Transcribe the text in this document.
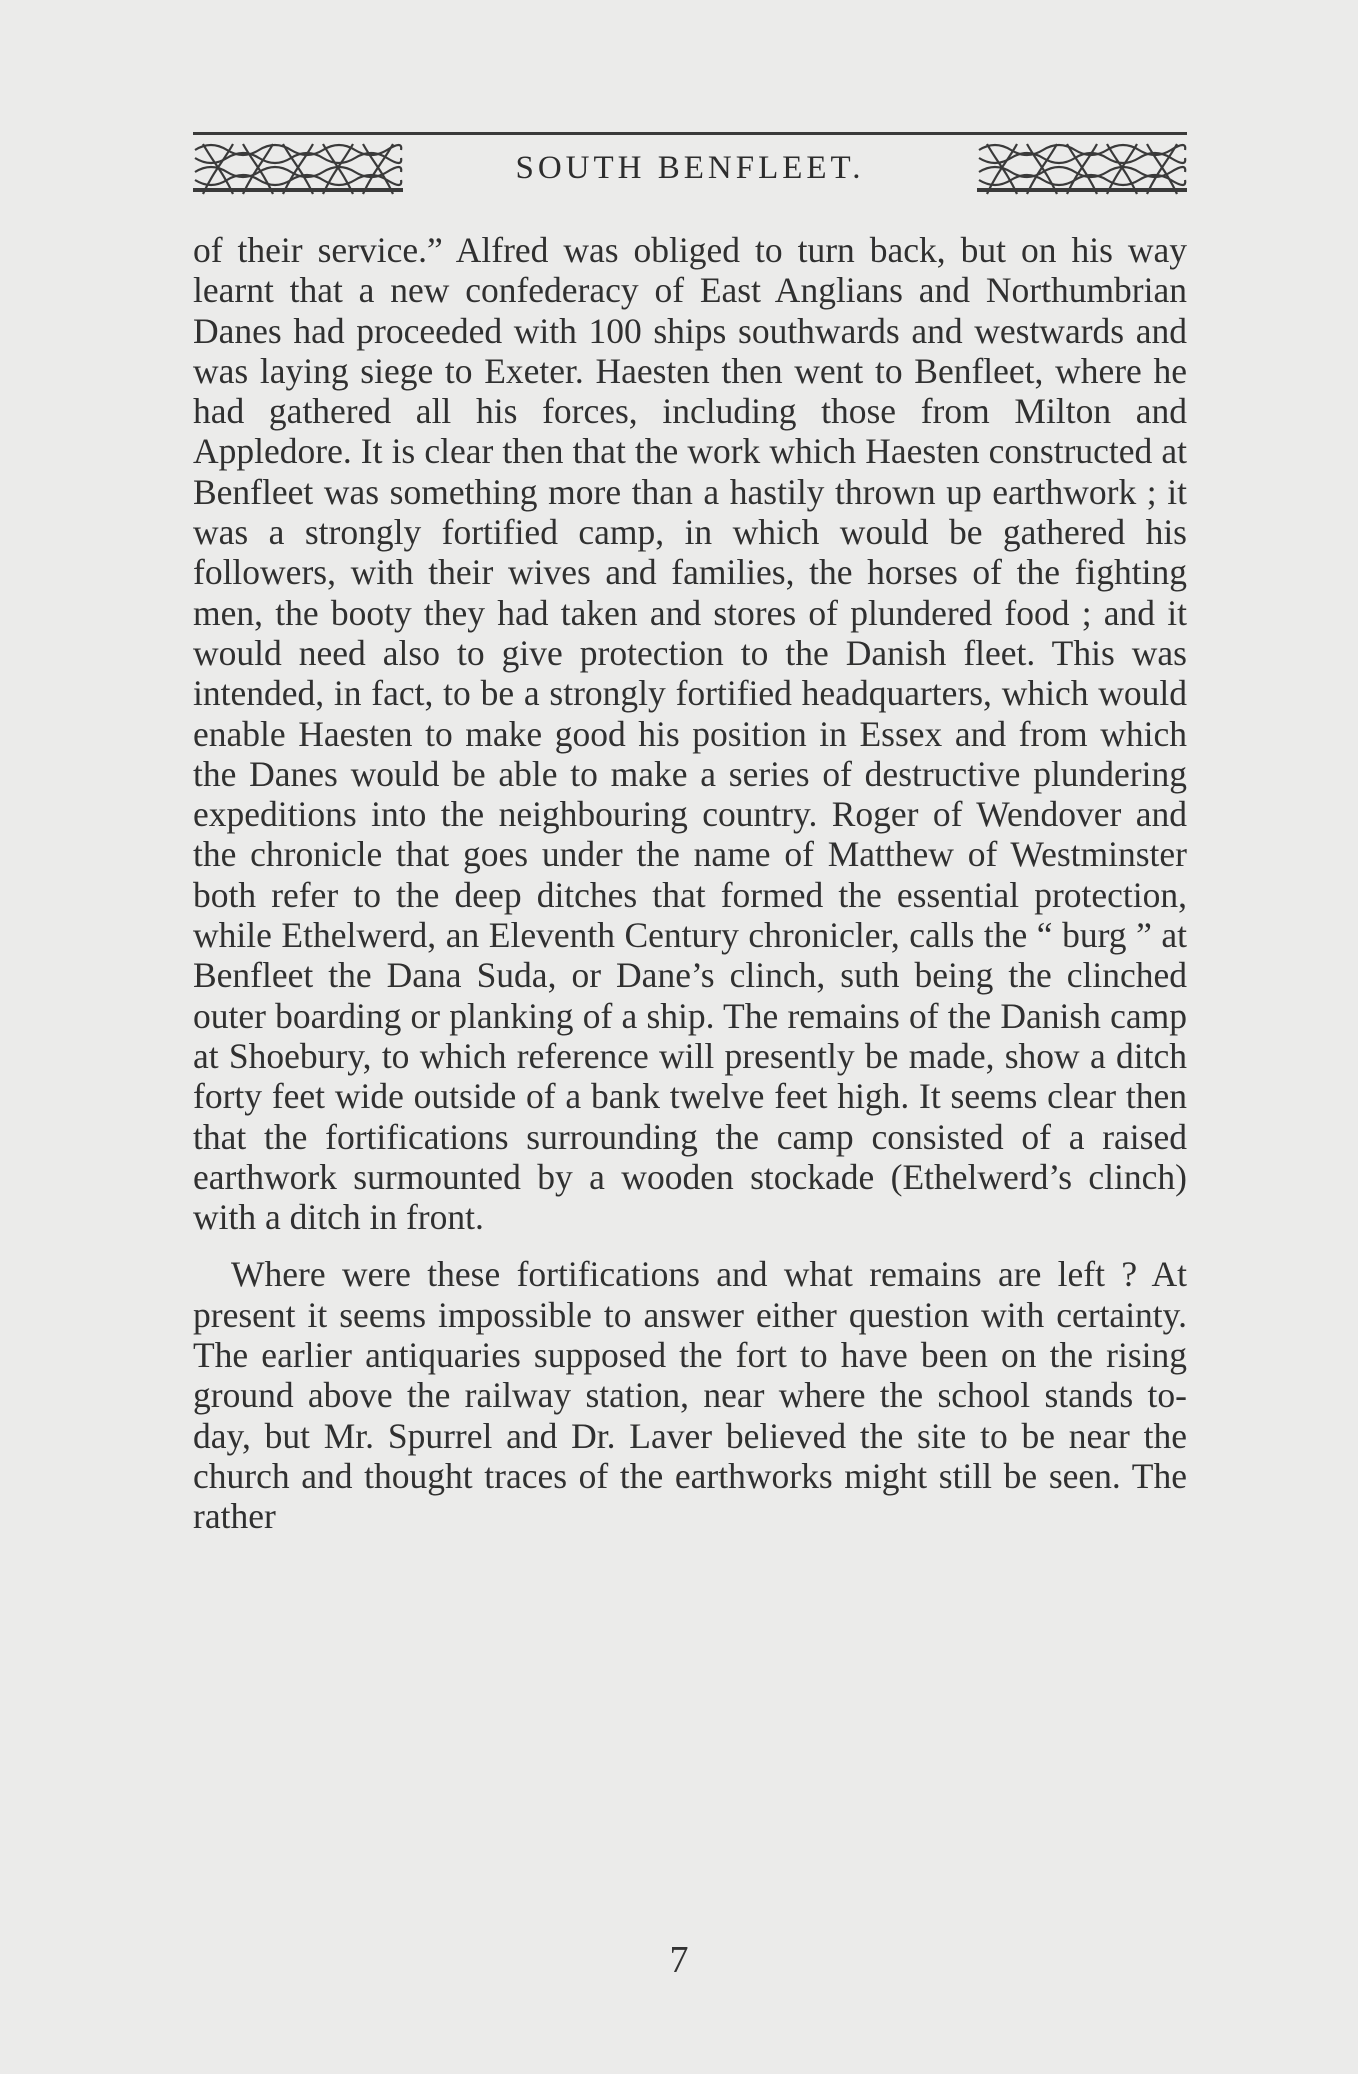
SOUTH BENFLEET.

of their service.” Alfred was obliged to turn back, but on his way learnt that a new confederacy of East Anglians and Northumbrian Danes had proceeded with 100 ships southwards and westwards and was laying siege to Exeter. Haesten then went to Benfleet, where he had gathered all his forces, including those from Milton and Appledore. It is clear then that the work which Haesten constructed at Benfleet was something more than a hastily thrown up earthwork ; it was a strongly fortified camp, in which would be gathered his followers, with their wives and families, the horses of the fighting men, the booty they had taken and stores of plundered food ; and it would need also to give protection to the Danish fleet. This was intended, in fact, to be a strongly fortified headquarters, which would enable Haesten to make good his position in Essex and from which the Danes would be able to make a series of destructive plundering expeditions into the neighbouring country. Roger of Wendover and the chronicle that goes under the name of Matthew of Westminster both refer to the deep ditches that formed the essential protection, while Ethelwerd, an Eleventh Century chronicler, calls the “ burg ” at Benfleet the Dana Suda, or Dane’s clinch, suth being the clinched outer boarding or planking of a ship. The remains of the Danish camp at Shoebury, to which reference will presently be made, show a ditch forty feet wide outside of a bank twelve feet high. It seems clear then that the fortifications surrounding the camp consisted of a raised earthwork surmounted by a wooden stockade (Ethelwerd’s clinch) with a ditch in front.

Where were these fortifications and what remains are left ? At present it seems impossible to answer either question with certainty. The earlier antiquaries supposed the fort to have been on the rising ground above the railway station, near where the school stands to-day, but Mr. Spurrel and Dr. Laver believed the site to be near the church and thought traces of the earthworks might still be seen. The rather

7
